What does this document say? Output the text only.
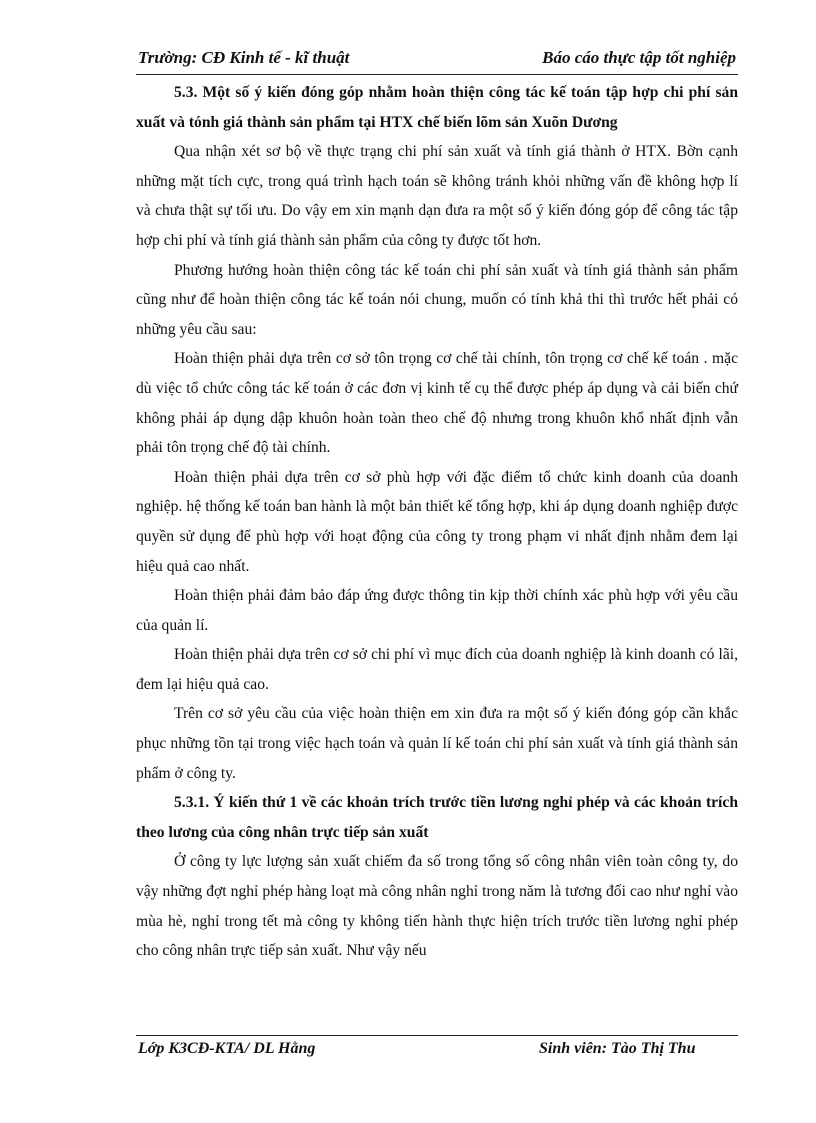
Trường: CĐ Kinh tế - kĩ thuật	Báo cáo thực tập tốt nghiệp

5.3. Một số ý kiến đóng góp nhằm hoàn thiện công tác kế toán tập hợp chi phí sản xuất và tónh giá thành sản phẩm tại HTX chế biến lõm sản Xuõn Dương

Qua nhận xét sơ bộ về thực trạng chi phí sản xuất và tính giá thành ở HTX. Bờn cạnh những mặt tích cực, trong quá trình hạch toán sẽ không tránh khỏi những vấn đề không hợp lí và chưa thật sự tối ưu. Do vậy em xin mạnh dạn đưa ra một số ý kiến đóng góp để công tác tập hợp chi phí và tính giá thành sản phẩm của công ty được tốt hơn.

Phương hướng hoàn thiện công tác kế toán chi phí sản xuất và tính giá thành sản phẩm cũng như để hoàn thiện công tác kế toán nói chung, muốn có tính khả thi thì trước hết phải có những yêu cầu sau:

Hoàn thiện phải dựa trên cơ sở tôn trọng cơ chế tài chính, tôn trọng cơ chế kế toán . mặc dù việc tổ chức công tác kế toán ở các đơn vị kinh tế cụ thể được phép áp dụng và cải biến chứ không phải áp dụng dập khuôn hoàn toàn theo chế độ nhưng trong khuôn khổ nhất định vẫn phải tôn trọng chế độ tài chính.

Hoàn thiện phải dựa trên cơ sở phù hợp với đặc điểm tổ chức kinh doanh của doanh nghiệp. hệ thống kế toán ban hành là một bản thiết kế tổng hợp, khi áp dụng doanh nghiệp được quyền sử dụng để phù hợp với hoạt động của công ty trong phạm vi nhất định nhằm đem lại hiệu quả cao nhất.

Hoàn thiện phải đảm bảo đáp ứng được thông tin kịp thời chính xác phù hợp với yêu cầu của quản lí.

Hoàn thiện phải dựa trên cơ sở chi phí vì mục đích của doanh nghiệp là kinh doanh có lãi, đem lại hiệu quả cao.

Trên cơ sở yêu cầu của việc hoàn thiện em xin đưa ra một số ý kiến đóng góp cần khắc phục những tồn tại trong việc hạch toán và quản lí kế toán chi phí sản xuất và tính giá thành sản phẩm ở công ty.

5.3.1. Ý kiến thứ 1 về các khoản trích trước tiền lương nghỉ phép và các khoản trích theo lương của công nhân trực tiếp sản xuất

Ở công ty lực lượng sản xuất chiếm đa số trong tổng số công nhân viên toàn công ty, do vậy những đợt nghỉ phép hàng loạt mà công nhân nghỉ trong năm là tương đối cao như nghỉ vào mùa hè, nghỉ trong tết mà công ty không tiến hành thực hiện trích trước tiền lương nghỉ phép cho công nhân trực tiếp sản xuất. Như vậy nếu

Lớp K3CĐ-KTA/ DL Hằng	Sinh viên: Tào Thị Thu
